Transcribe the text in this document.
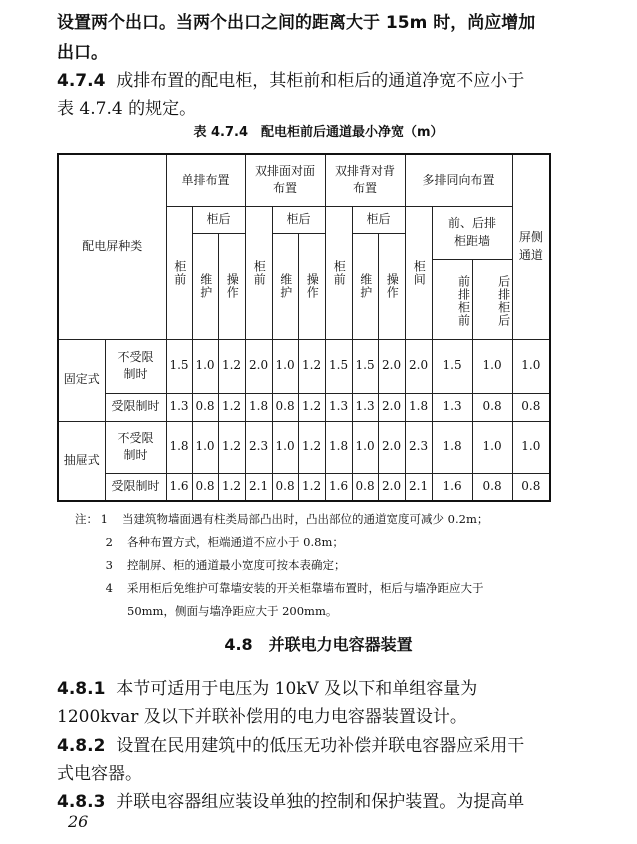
设置两个出口。当两个出口之间的距离大于 15m 时，尚应增加
出口。
4.7.4 成排布置的配电柜，其柜前和柜后的通道净宽不应小于
表 4.7.4 的规定。
表 4.7.4　配电柜前后通道最小净宽（m）
配电屏种类		单排布置			双排面对面布置			双排背对背布置			多排同向布置			屏侧通道
		柜前	柜后		柜前	柜后		柜前	柜后		柜间	前、后排柜距墙		
			维护	操作		维护	操作		维护	操作				
												前排柜前	后排柜后	
固定式	不受限制时	1.5	1.0	1.2	2.0	1.0	1.2	1.5	1.5	2.0	2.0	1.5	1.0	1.0
	受限制时	1.3	0.8	1.2	1.8	0.8	1.2	1.3	1.3	2.0	1.8	1.3	0.8	0.8
抽屉式	不受限制时	1.8	1.0	1.2	2.3	1.0	1.2	1.8	1.0	2.0	2.3	1.8	1.0	1.0
	受限制时	1.6	0.8	1.2	2.1	0.8	1.2	1.6	0.8	2.0	2.1	1.6	0.8	0.8
注： 1 当建筑物墙面遇有柱类局部凸出时，凸出部位的通道宽度可减少 0.2m；
2 各种布置方式，柜端通道不应小于 0.8m；
3 控制屏、柜的通道最小宽度可按本表确定；
4 采用柜后免维护可靠墙安装的开关柜靠墙布置时，柜后与墙净距应大于
50mm，侧面与墙净距应大于 200mm。
4.8　并联电力电容器装置
4.8.1 本节可适用于电压为 10kV 及以下和单组容量为
1200kvar 及以下并联补偿用的电力电容器装置设计。
4.8.2 设置在民用建筑中的低压无功补偿并联电容器应采用干
式电容器。
4.8.3 并联电容器组应装设单独的控制和保护装置。为提高单
26
